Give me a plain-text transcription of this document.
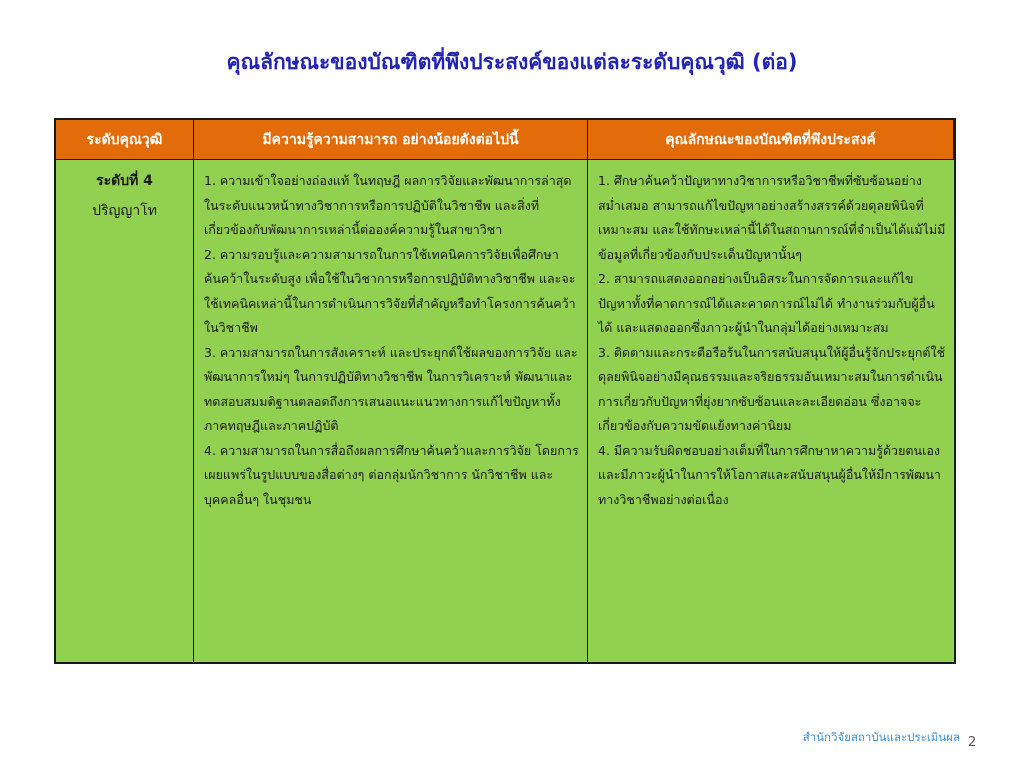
คุณลักษณะของบัณฑิตที่พึงประสงค์ของแต่ละระดับคุณวุฒิ (ต่อ)
ระดับคุณวุฒิ	มีความรู้ความสามารถ อย่างน้อยดังต่อไปนี้	คุณลักษณะของบัณฑิตที่พึงประสงค์
ระดับที่ 4
ปริญญาโท

1. ความเข้าใจอย่างถ่องแท้ ในทฤษฎี ผลการวิจัยและพัฒนาการล่าสุดในระดับแนวหน้าทางวิชาการหรือการปฏิบัติในวิชาชีพ และสิ่งที่เกี่ยวข้องกับพัฒนาการเหล่านี้ต่อองค์ความรู้ในสาขาวิชา

2. ความรอบรู้และความสามารถในการใช้เทคนิคการวิจัยเพื่อศึกษาค้นคว้าในระดับสูง เพื่อใช้ในวิชาการหรือการปฏิบัติทางวิชาชีพ และจะใช้เทคนิคเหล่านี้ในการดำเนินการวิจัยที่สำคัญหรือทำโครงการค้นคว้าในวิชาชีพ

3. ความสามารถในการสังเคราะห์ และประยุกต์ใช้ผลของการวิจัย และพัฒนาการใหม่ๆ ในการปฏิบัติทางวิชาชีพ ในการวิเคราะห์ พัฒนาและทดสอบสมมติฐานตลอดถึงการเสนอแนะแนวทางการแก้ไขปัญหาทั้งภาคทฤษฎีและภาคปฏิบัติ

4. ความสามารถในการสื่อถึงผลการศึกษาค้นคว้าและการวิจัย โดยการเผยแพร่ในรูปแบบของสื่อต่างๆ ต่อกลุ่มนักวิชาการ นักวิชาชีพ และบุคคลอื่นๆ ในชุมชน

1. ศึกษาค้นคว้าปัญหาทางวิชาการหรือวิชาชีพที่ซับซ้อนอย่างสม่ำเสมอ สามารถแก้ไขปัญหาอย่างสร้างสรรค์ด้วยดุลยพินิจที่เหมาะสม และใช้ทักษะเหล่านี้ได้ในสถานการณ์ที่จำเป็นได้แม้ไม่มีข้อมูลที่เกี่ยวข้องกับประเด็นปัญหานั้นๆ

2. สามารถแสดงออกอย่างเป็นอิสระในการจัดการและแก้ไขปัญหาทั้งที่คาดการณ์ได้และคาดการณ์ไม่ได้ ทำงานร่วมกับผู้อื่นได้ และแสดงออกซึ่งภาวะผู้นำในกลุ่มได้อย่างเหมาะสม

3. ติดตามและกระตือรือร้นในการสนับสนุนให้ผู้อื่นรู้จักประยุกต์ใช้ดุลยพินิจอย่างมีคุณธรรมและจริยธรรมอันเหมาะสมในการดำเนินการเกี่ยวกับปัญหาที่ยุ่งยากซับซ้อนและละเอียดอ่อน ซึ่งอาจจะเกี่ยวข้องกับความขัดแย้งทางค่านิยม

4. มีความรับผิดชอบอย่างเต็มที่ในการศึกษาหาความรู้ด้วยตนเอง และมีภาวะผู้นำในการให้โอกาสและสนับสนุนผู้อื่นให้มีการพัฒนาทางวิชาชีพอย่างต่อเนื่อง

สำนักวิจัยสถาบันและประเมินผล 2
